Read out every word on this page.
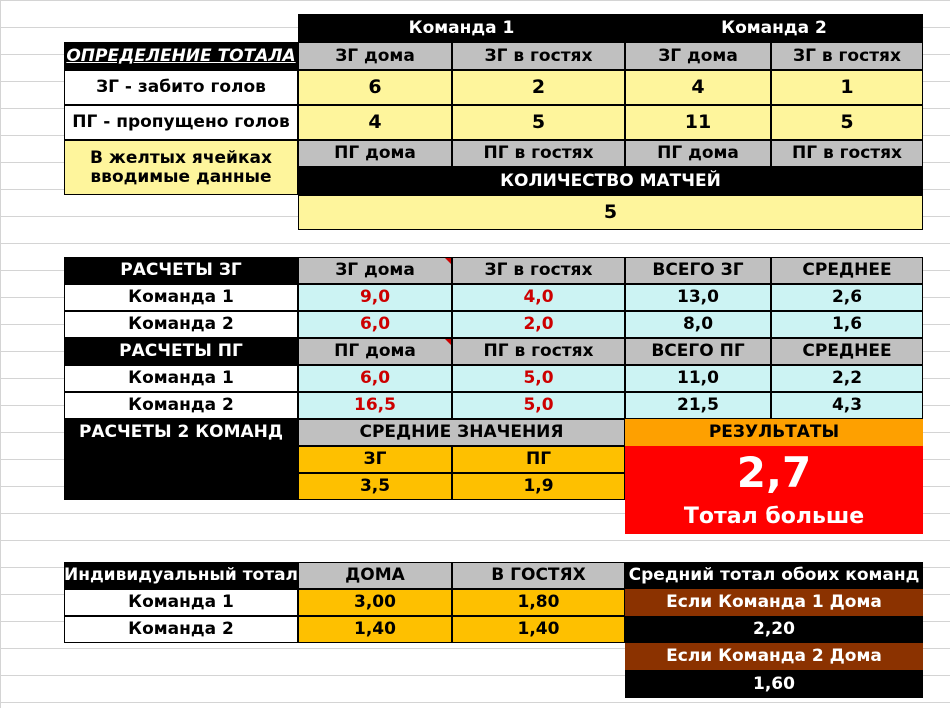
Команда 1	Команда 2
ОПРЕДЕЛЕНИЕ ТОТАЛА	ЗГ дома	ЗГ в гостях	ЗГ дома	ЗГ в гостях
ЗГ - забито голов	6	2	4	1
ПГ - пропущено голов	4	5	11	5
В желтых ячейках вводимые данные
ПГ дома	ПГ в гостях	ПГ дома	ПГ в гостях
КОЛИЧЕСТВО МАТЧЕЙ
5
РАСЧЕТЫ ЗГ	ЗГ дома	ЗГ в гостях	ВСЕГО ЗГ	СРЕДНЕЕ
Команда 1	9,0	4,0	13,0	2,6
Команда 2	6,0	2,0	8,0	1,6
РАСЧЕТЫ ПГ	ПГ дома	ПГ в гостях	ВСЕГО ПГ	СРЕДНЕЕ
Команда 1	6,0	5,0	11,0	2,2
Команда 2	16,5	5,0	21,5	4,3
РАСЧЕТЫ 2 КОМАНД	СРЕДНИЕ ЗНАЧЕНИЯ
ЗГ	ПГ
3,5	1,9
РЕЗУЛЬТАТЫ
2,7
Тотал больше
Индивидуальный тотал	ДОМА	В ГОСТЯХ	Средний тотал обоих команд
Команда 1	3,00	1,80	Если Команда 1 Дома
Команда 2	1,40	1,40	2,20
Если Команда 2 Дома
1,60
